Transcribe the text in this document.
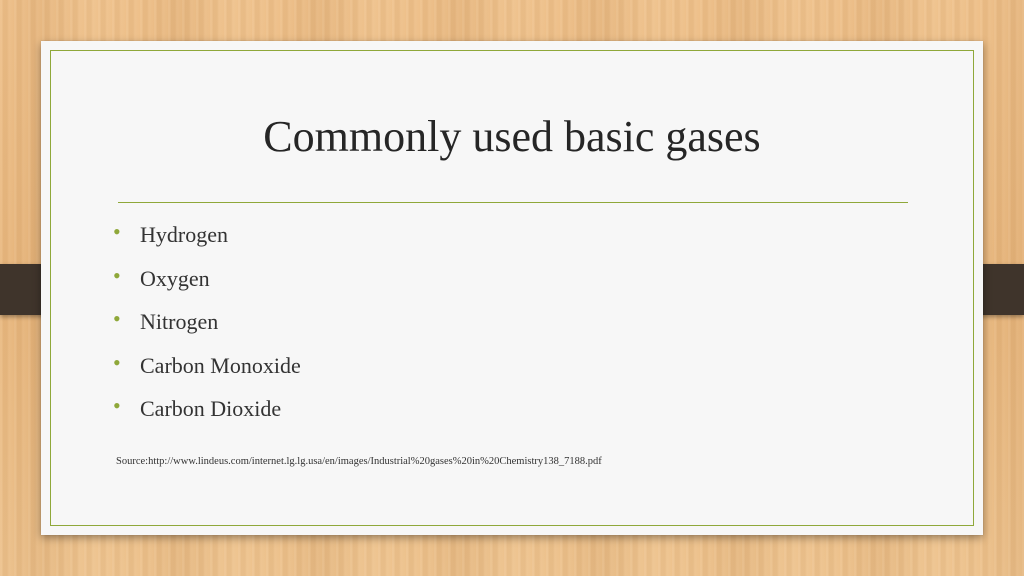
Commonly used basic gases
• Hydrogen
• Oxygen
• Nitrogen
• Carbon Monoxide
• Carbon Dioxide
Source:http://www.lindeus.com/internet.lg.lg.usa/en/images/Industrial%20gases%20in%20Chemistry138_7188.pdf
